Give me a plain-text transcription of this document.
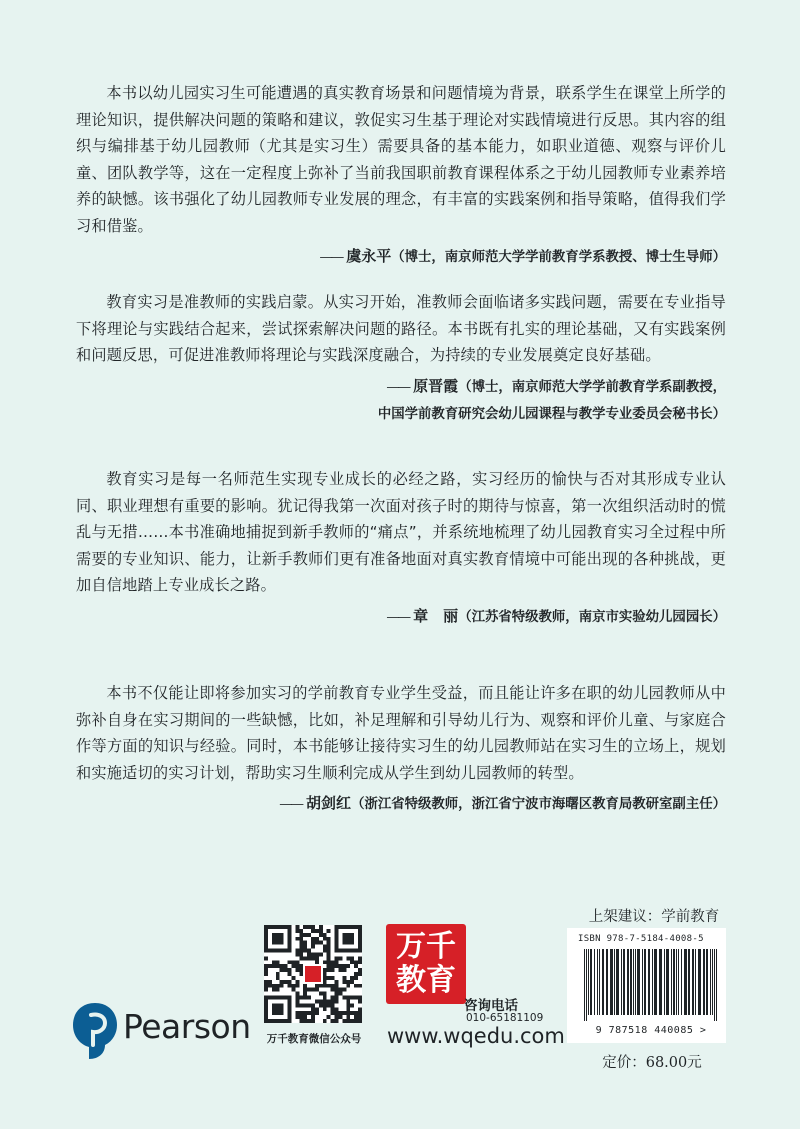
本书以幼儿园实习生可能遭遇的真实教育场景和问题情境为背景，联系学生在课堂上所学的理论知识，提供解决问题的策略和建议，敦促实习生基于理论对实践情境进行反思。其内容的组织与编排基于幼儿园教师（尤其是实习生）需要具备的基本能力，如职业道德、观察与评价儿童、团队教学等，这在一定程度上弥补了当前我国职前教育课程体系之于幼儿园教师专业素养培养的缺憾。该书强化了幼儿园教师专业发展的理念，有丰富的实践案例和指导策略，值得我们学习和借鉴。

—— 虞永平（博士，南京师范大学学前教育学系教授、博士生导师）

教育实习是准教师的实践启蒙。从实习开始，准教师会面临诸多实践问题，需要在专业指导下将理论与实践结合起来，尝试探索解决问题的路径。本书既有扎实的理论基础，又有实践案例和问题反思，可促进准教师将理论与实践深度融合，为持续的专业发展奠定良好基础。

—— 原晋霞（博士，南京师范大学学前教育学系副教授，
中国学前教育研究会幼儿园课程与教学专业委员会秘书长）

教育实习是每一名师范生实现专业成长的必经之路，实习经历的愉快与否对其形成专业认同、职业理想有重要的影响。犹记得我第一次面对孩子时的期待与惊喜，第一次组织活动时的慌乱与无措……本书准确地捕捉到新手教师的“痛点”，并系统地梳理了幼儿园教育实习全过程中所需要的专业知识、能力，让新手教师们更有准备地面对真实教育情境中可能出现的各种挑战，更加自信地踏上专业成长之路。

—— 章　丽（江苏省特级教师，南京市实验幼儿园园长）

本书不仅能让即将参加实习的学前教育专业学生受益，而且能让许多在职的幼儿园教师从中弥补自身在实习期间的一些缺憾，比如，补足理解和引导幼儿行为、观察和评价儿童、与家庭合作等方面的知识与经验。同时，本书能够让接待实习生的幼儿园教师站在实习生的立场上，规划和实施适切的实习计划，帮助实习生顺利完成从学生到幼儿园教师的转型。

—— 胡剑红（浙江省特级教师，浙江省宁波市海曙区教育局教研室副主任）
Pearson	万千教育微信公众号
万千
教育
咨询电话
010-65181109
www.wqedu.com
上架建议：学前教育
ISBN 978-7-5184-4008-5
9 787518 440085 >
定价：68.00元
